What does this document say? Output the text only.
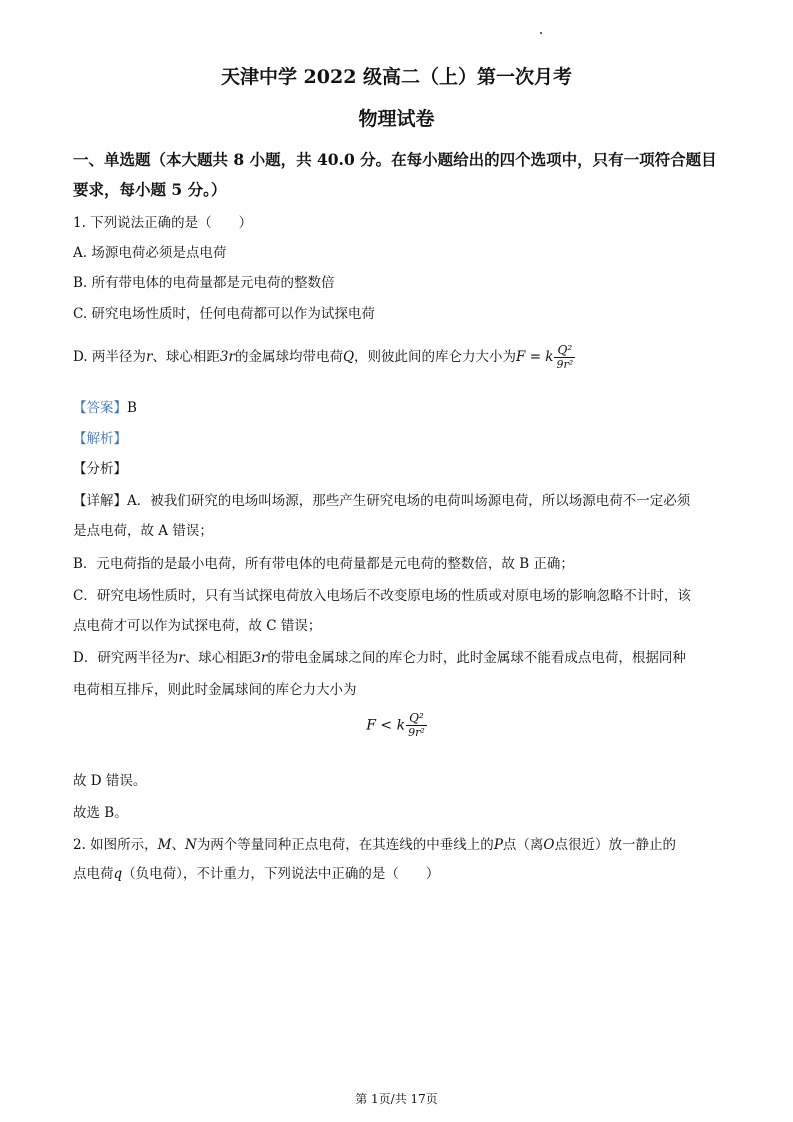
天津中学 2022 级高二（上）第一次月考
物理试卷
一、单选题（本大题共 8 小题，共 40.0 分。在每小题给出的四个选项中，只有一项符合题目
要求，每小题 5 分。）
1. 下列说法正确的是（　　）
A. 场源电荷必须是点电荷
B. 所有带电体的电荷量都是元电荷的整数倍
C. 研究电场性质时，任何电荷都可以作为试探电荷
D. 两半径为r、球心相距3r的金属球均带电荷Q，则彼此间的库仑力大小为F = k $\frac{\text{Q²}}{\text{9r²}}$
【答案】B
【解析】
【分析】
【详解】A．被我们研究的电场叫场源，那些产生研究电场的电荷叫场源电荷，所以场源电荷不一定必须
是点电荷，故 A 错误；
B．元电荷指的是最小电荷，所有带电体的电荷量都是元电荷的整数倍，故 B 正确；
C．研究电场性质时，只有当试探电荷放入电场后不改变原电场的性质或对原电场的影响忽略不计时，该
点电荷才可以作为试探电荷，故 C 错误；
D．研究两半径为r、球心相距3r的带电金属球之间的库仑力时，此时金属球不能看成点电荷，根据同种
电荷相互排斥，则此时金属球间的库仑力大小为
F < k $\frac{\text{Q²}}{\text{9r²}}$
故 D 错误。
故选 B。
2. 如图所示，M、N为两个等量同种正点电荷，在其连线的中垂线上的P点（离O点很近）放一静止的
点电荷q（负电荷），不计重力，下列说法中正确的是（　　）
第 1页/共 17页
